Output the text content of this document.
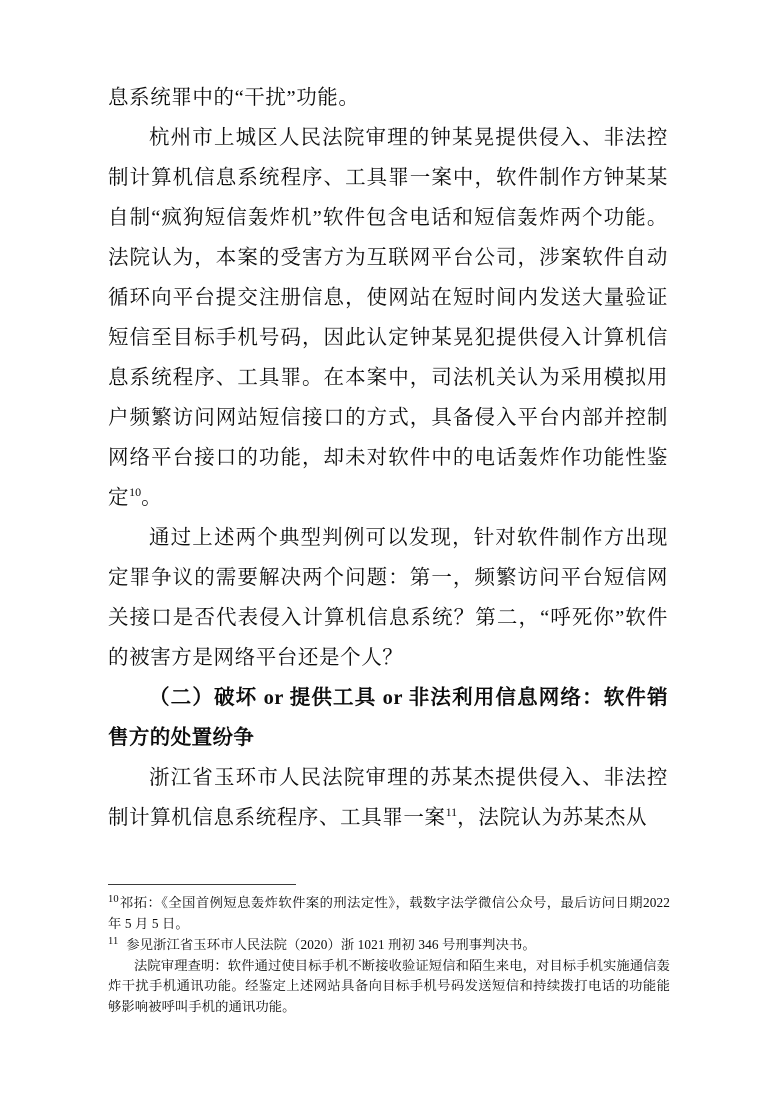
息系统罪中的“干扰”功能。

杭州市上城区人民法院审理的钟某晃提供侵入、非法控制计算机信息系统程序、工具罪一案中，软件制作方钟某某自制“疯狗短信轰炸机”软件包含电话和短信轰炸两个功能。法院认为，本案的受害方为互联网平台公司，涉案软件自动循环向平台提交注册信息，使网站在短时间内发送大量验证短信至目标手机号码，因此认定钟某晃犯提供侵入计算机信息系统程序、工具罪。在本案中，司法机关认为采用模拟用户频繁访问网站短信接口的方式，具备侵入平台内部并控制网络平台接口的功能，却未对软件中的电话轰炸作功能性鉴定$^{10}$。

通过上述两个典型判例可以发现，针对软件制作方出现定罪争议的需要解决两个问题：第一，频繁访问平台短信网关接口是否代表侵入计算机信息系统？第二，“呼死你”软件的被害方是网络平台还是个人？

（二）破坏 or 提供工具 or 非法利用信息网络：软件销售方的处置纷争

浙江省玉环市人民法院审理的苏某杰提供侵入、非法控制计算机信息系统程序、工具罪一案$^{11}$，法院认为苏某杰从

$^{10}$祁拓：《全国首例短息轰炸软件案的刑法定性》，载数字法学微信公众号，最后访问日期2022 年 5 月 5 日。

$^{11}$ 参见浙江省玉环市人民法院（2020）浙 1021 刑初 346 号刑事判决书。

法院审理查明：软件通过使目标手机不断接收验证短信和陌生来电，对目标手机实施通信轰炸干扰手机通讯功能。经鉴定上述网站具备向目标手机号码发送短信和持续拨打电话的功能能够影响被呼叫手机的通讯功能。
